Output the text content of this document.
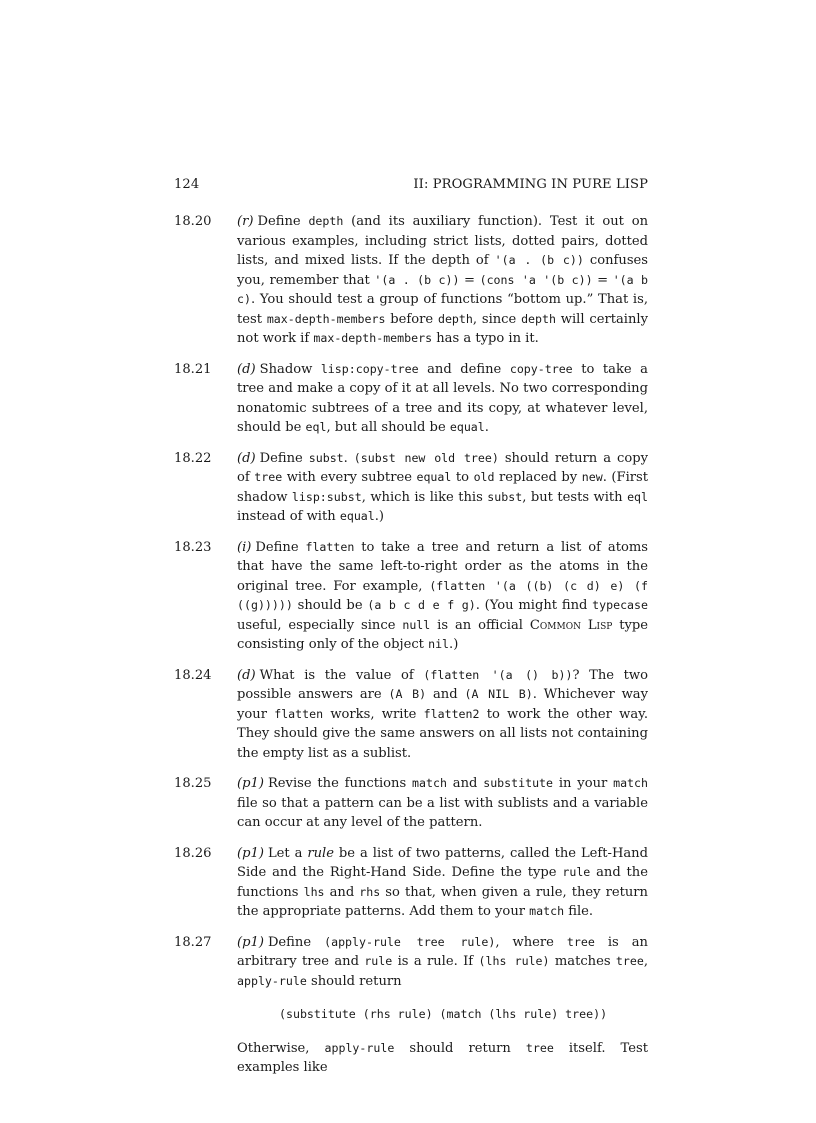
124	II: PROGRAMMING IN PURE LISP
18.20 (r) Define depth (and its auxiliary function). Test it out on various examples, including strict lists, dotted pairs, dotted lists, and mixed lists. If the depth of '(a . (b c)) confuses you, remember that '(a . (b c)) = (cons 'a '(b c)) = '(a b c). You should test a group of functions “bottom up.” That is, test max-depth-members before depth, since depth will certainly not work if max-depth-members has a typo in it.
18.21 (d) Shadow lisp:copy-tree and define copy-tree to take a tree and make a copy of it at all levels. No two corresponding nonatomic subtrees of a tree and its copy, at whatever level, should be eql, but all should be equal.
18.22 (d) Define subst. (subst new old tree) should return a copy of tree with every subtree equal to old replaced by new. (First shadow lisp:subst, which is like this subst, but tests with eql instead of with equal.)
18.23 (i) Define flatten to take a tree and return a list of atoms that have the same left-to-right order as the atoms in the original tree. For example, (flatten '(a ((b) (c d) e) (f ((g))))) should be (a b c d e f g). (You might find typecase useful, especially since null is an official Common Lisp type consisting only of the object nil.)
18.24 (d) What is the value of (flatten '(a () b))? The two possible answers are (A B) and (A NIL B). Whichever way your flatten works, write flatten2 to work the other way. They should give the same answers on all lists not containing the empty list as a sublist.
18.25 (p1) Revise the functions match and substitute in your match file so that a pattern can be a list with sublists and a variable can occur at any level of the pattern.
18.26 (p1) Let a rule be a list of two patterns, called the Left-Hand Side and the Right-Hand Side. Define the type rule and the functions lhs and rhs so that, when given a rule, they return the appropriate patterns. Add them to your match file.
18.27 (p1) Define (apply-rule tree rule), where tree is an arbitrary tree and rule is a rule. If (lhs rule) matches tree, apply-rule should return
(substitute (rhs rule) (match (lhs rule) tree))
Otherwise, apply-rule should return tree itself. Test examples like
